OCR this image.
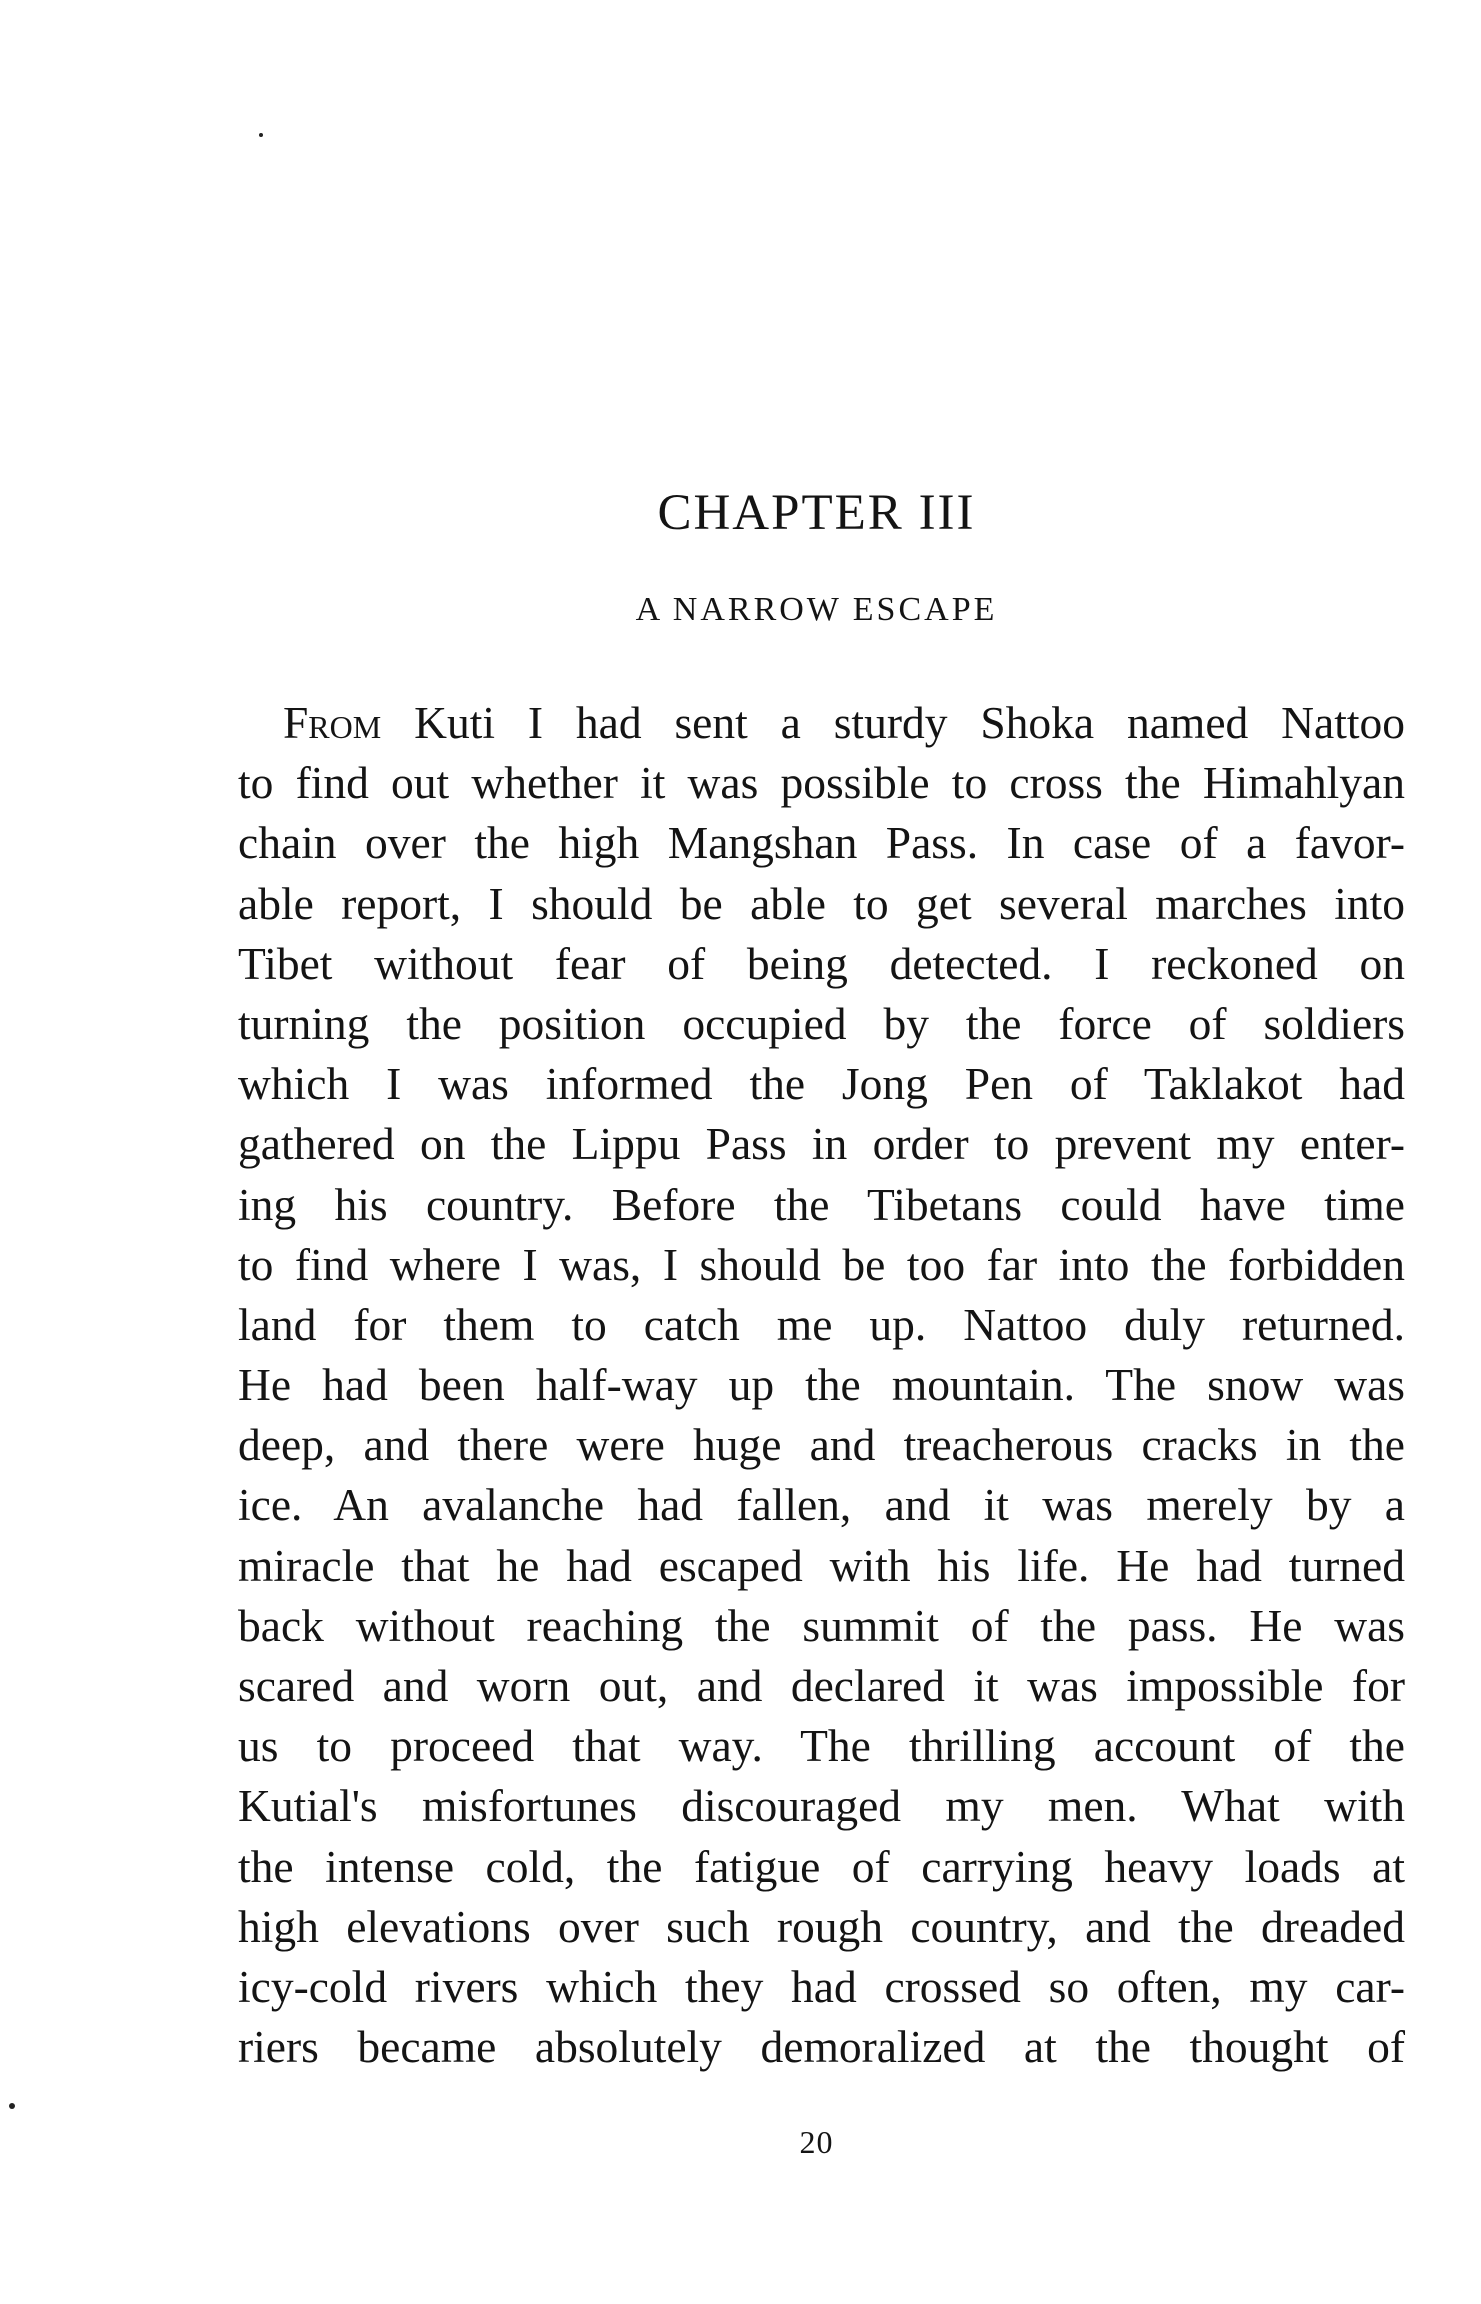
CHAPTER III
A NARROW ESCAPE
From Kuti I had sent a sturdy Shoka named Nattoo
to find out whether it was possible to cross the Himahlyan
chain over the high Mangshan Pass. In case of a favor-
able report, I should be able to get several marches into
Tibet without fear of being detected. I reckoned on
turning the position occupied by the force of soldiers
which I was informed the Jong Pen of Taklakot had
gathered on the Lippu Pass in order to prevent my enter-
ing his country. Before the Tibetans could have time
to find where I was, I should be too far into the forbidden
land for them to catch me up. Nattoo duly returned.
He had been half-way up the mountain. The snow was
deep, and there were huge and treacherous cracks in the
ice. An avalanche had fallen, and it was merely by a
miracle that he had escaped with his life. He had turned
back without reaching the summit of the pass. He was
scared and worn out, and declared it was impossible for
us to proceed that way. The thrilling account of the
Kutial's misfortunes discouraged my men. What with
the intense cold, the fatigue of carrying heavy loads at
high elevations over such rough country, and the dreaded
icy-cold rivers which they had crossed so often, my car-
riers became absolutely demoralized at the thought of
20
